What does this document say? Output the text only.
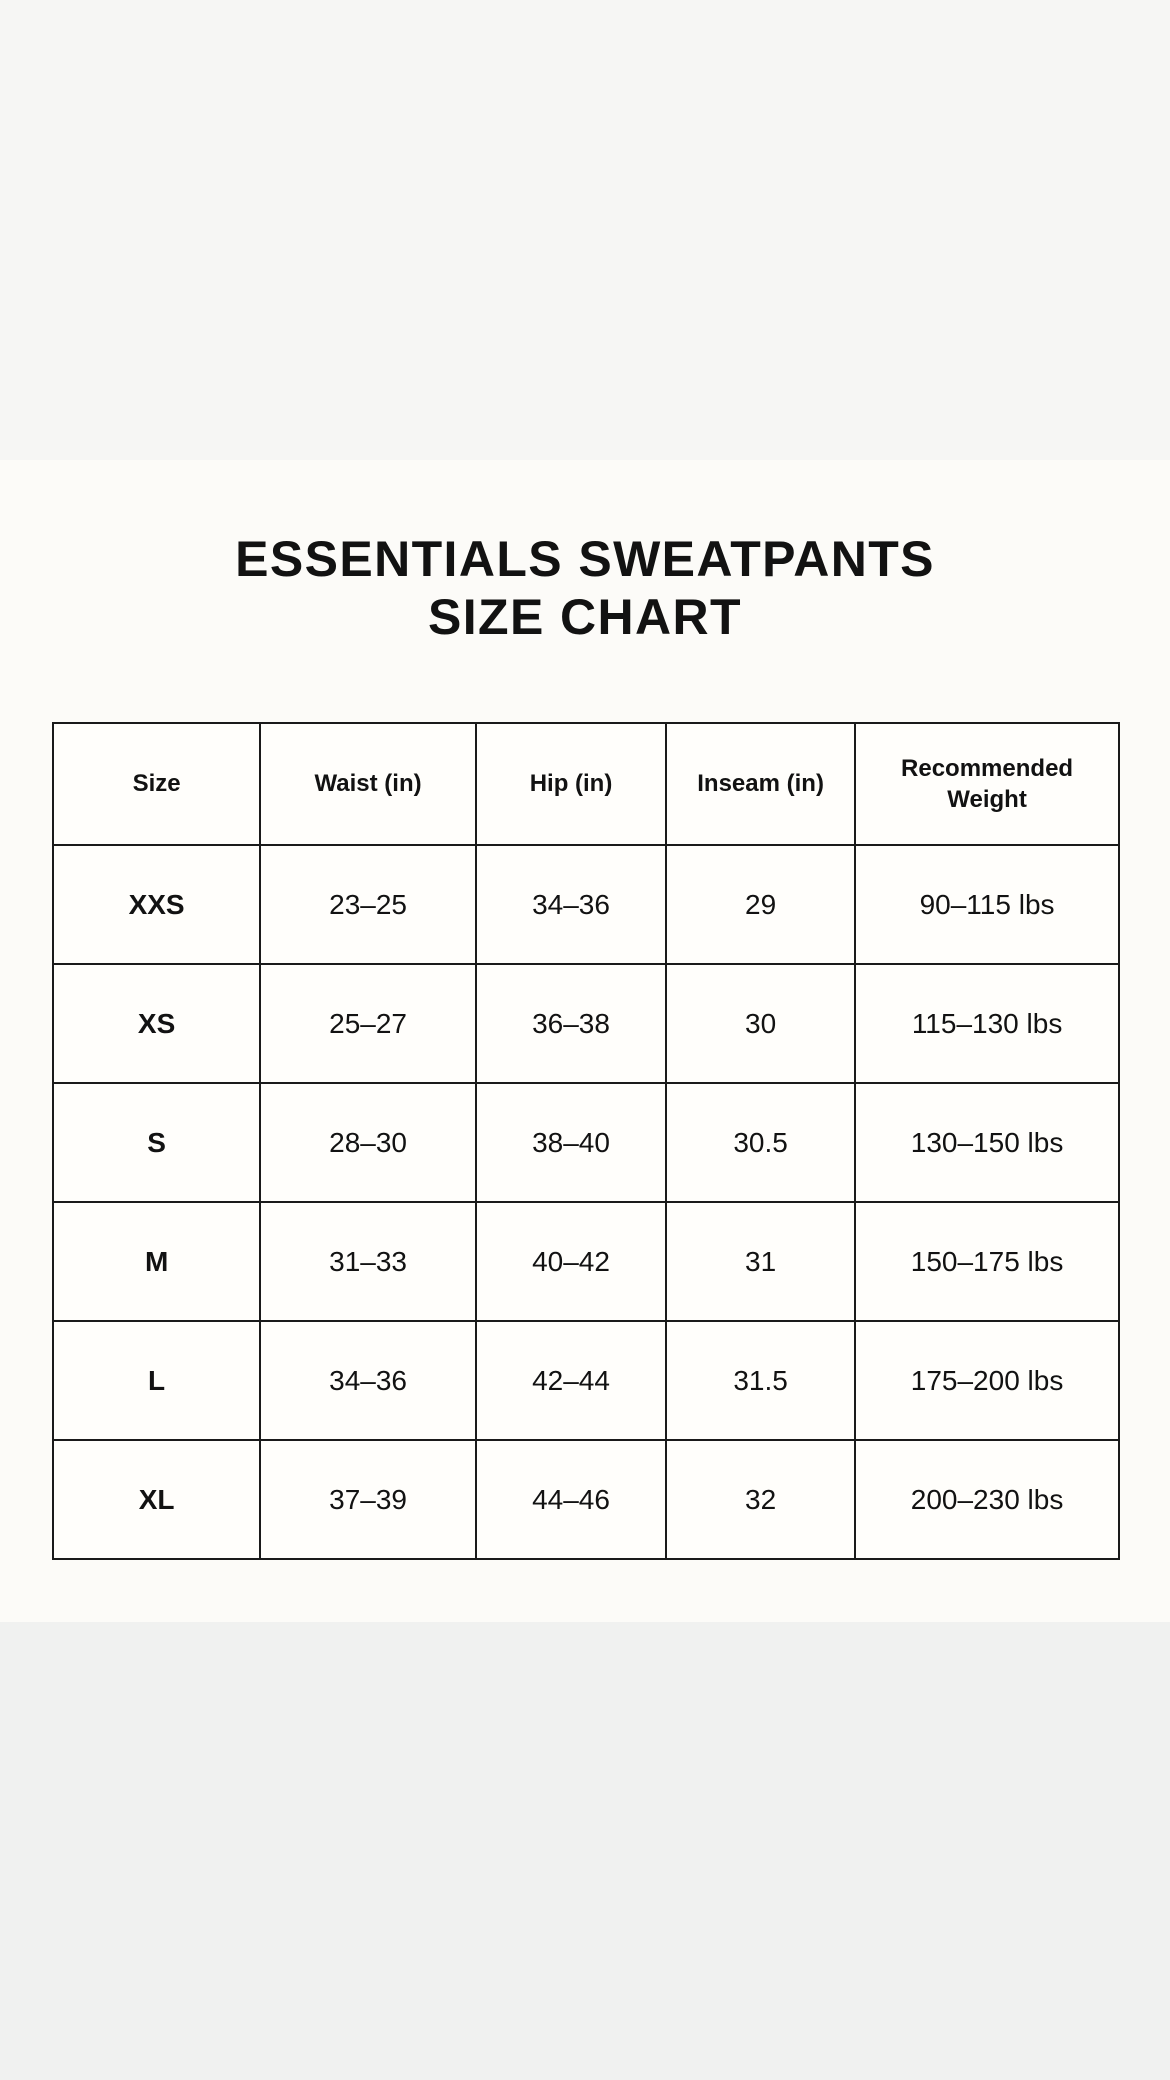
ESSENTIALS SWEATPANTS
SIZE CHART
Size	Waist (in)	Hip (in)	Inseam (in)	Recommended Weight
XXS	23–25	34–36	29	90–115 lbs
XS	25–27	36–38	30	115–130 lbs
S	28–30	38–40	30.5	130–150 lbs
M	31–33	40–42	31	150–175 lbs
L	34–36	42–44	31.5	175–200 lbs
XL	37–39	44–46	32	200–230 lbs
